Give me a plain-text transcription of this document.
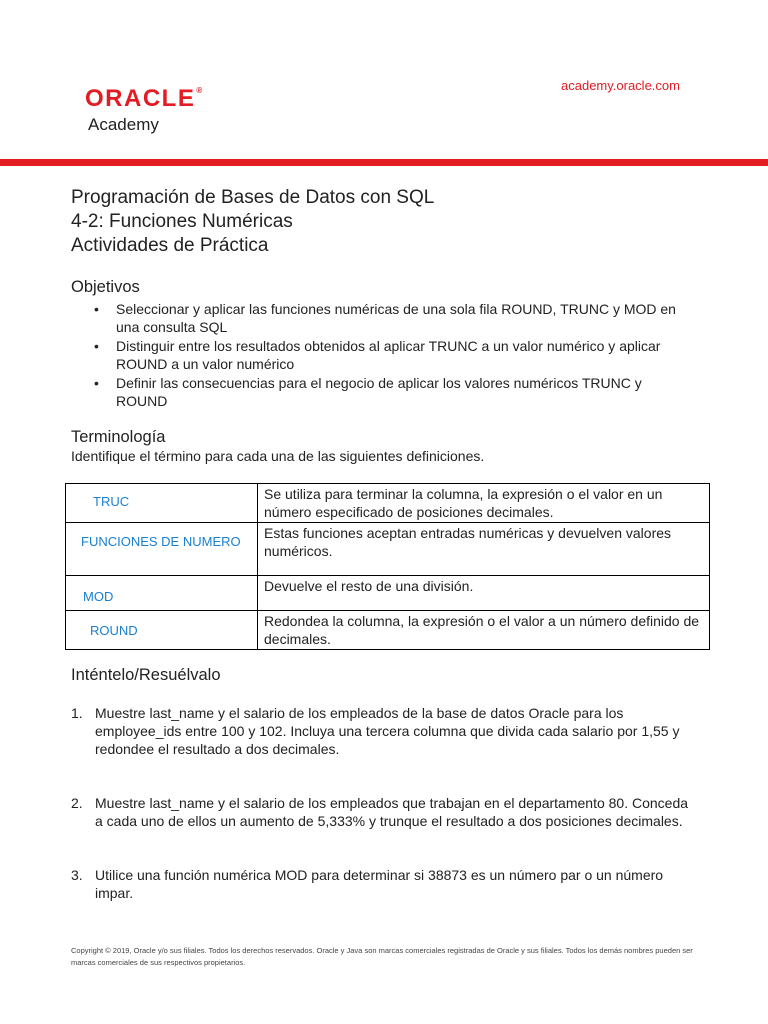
ORACLE ®
Academy
academy.oracle.com
Programación de Bases de Datos con SQL
4-2: Funciones Numéricas
Actividades de Práctica
Objetivos
• Seleccionar y aplicar las funciones numéricas de una sola fila ROUND, TRUNC y MOD en una consulta SQL
• Distinguir entre los resultados obtenidos al aplicar TRUNC a un valor numérico y aplicar ROUND a un valor numérico
• Definir las consecuencias para el negocio de aplicar los valores numéricos TRUNC y ROUND
Terminología
Identifique el término para cada una de las siguientes definiciones.
TRUC	Se utiliza para terminar la columna, la expresión o el valor en un número especificado de posiciones decimales.

FUNCIONES DE NUMERO	Estas funciones aceptan entradas numéricas y devuelven valores numéricos.

MOD	Devuelve el resto de una división.

ROUND	Redondea la columna, la expresión o el valor a un número definido de decimales.
Inténtelo/Resuélvalo
1. Muestre last_name y el salario de los empleados de la base de datos Oracle para los employee_ids entre 100 y 102. Incluya una tercera columna que divida cada salario por 1,55 y redondee el resultado a dos decimales.
2. Muestre last_name y el salario de los empleados que trabajan en el departamento 80. Conceda a cada uno de ellos un aumento de 5,333% y trunque el resultado a dos posiciones decimales.
3. Utilice una función numérica MOD para determinar si 38873 es un número par o un número impar.
Copyright © 2019, Oracle y/o sus filiales. Todos los derechos reservados. Oracle y Java son marcas comerciales registradas de Oracle y sus filiales. Todos los demás nombres pueden ser marcas comerciales de sus respectivos propietarios.
